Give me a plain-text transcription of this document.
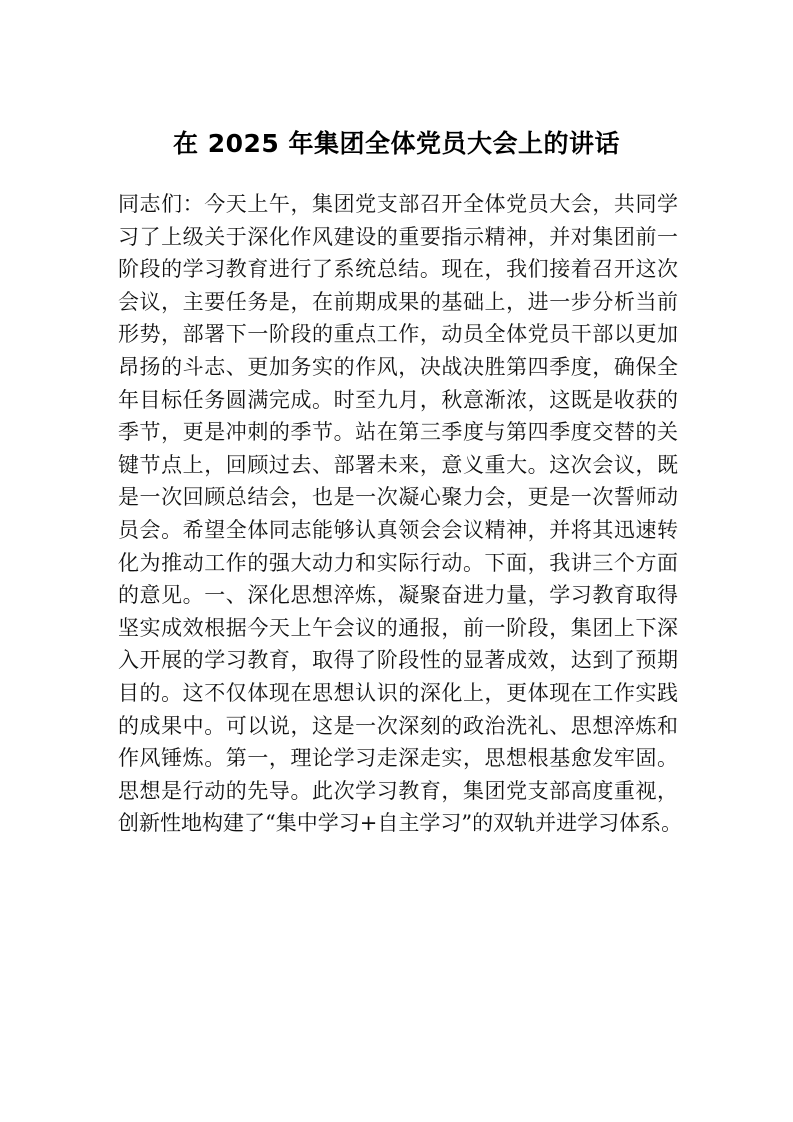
在 2025 年集团全体党员大会上的讲话
同志们：今天上午，集团党支部召开全体党员大会，共同学
习了上级关于深化作风建设的重要指示精神，并对集团前一
阶段的学习教育进行了系统总结。现在，我们接着召开这次
会议，主要任务是，在前期成果的基础上，进一步分析当前
形势，部署下一阶段的重点工作，动员全体党员干部以更加
昂扬的斗志、更加务实的作风，决战决胜第四季度，确保全
年目标任务圆满完成。时至九月，秋意渐浓，这既是收获的
季节，更是冲刺的季节。站在第三季度与第四季度交替的关
键节点上，回顾过去、部署未来，意义重大。这次会议，既
是一次回顾总结会，也是一次凝心聚力会，更是一次誓师动
员会。希望全体同志能够认真领会会议精神，并将其迅速转
化为推动工作的强大动力和实际行动。下面，我讲三个方面
的意见。一、深化思想淬炼，凝聚奋进力量，学习教育取得
坚实成效根据今天上午会议的通报，前一阶段，集团上下深
入开展的学习教育，取得了阶段性的显著成效，达到了预期
目的。这不仅体现在思想认识的深化上，更体现在工作实践
的成果中。可以说，这是一次深刻的政治洗礼、思想淬炼和
作风锤炼。第一，理论学习走深走实，思想根基愈发牢固。
思想是行动的先导。此次学习教育，集团党支部高度重视，
创新性地构建了“集中学习+自主学习”的双轨并进学习体系。
